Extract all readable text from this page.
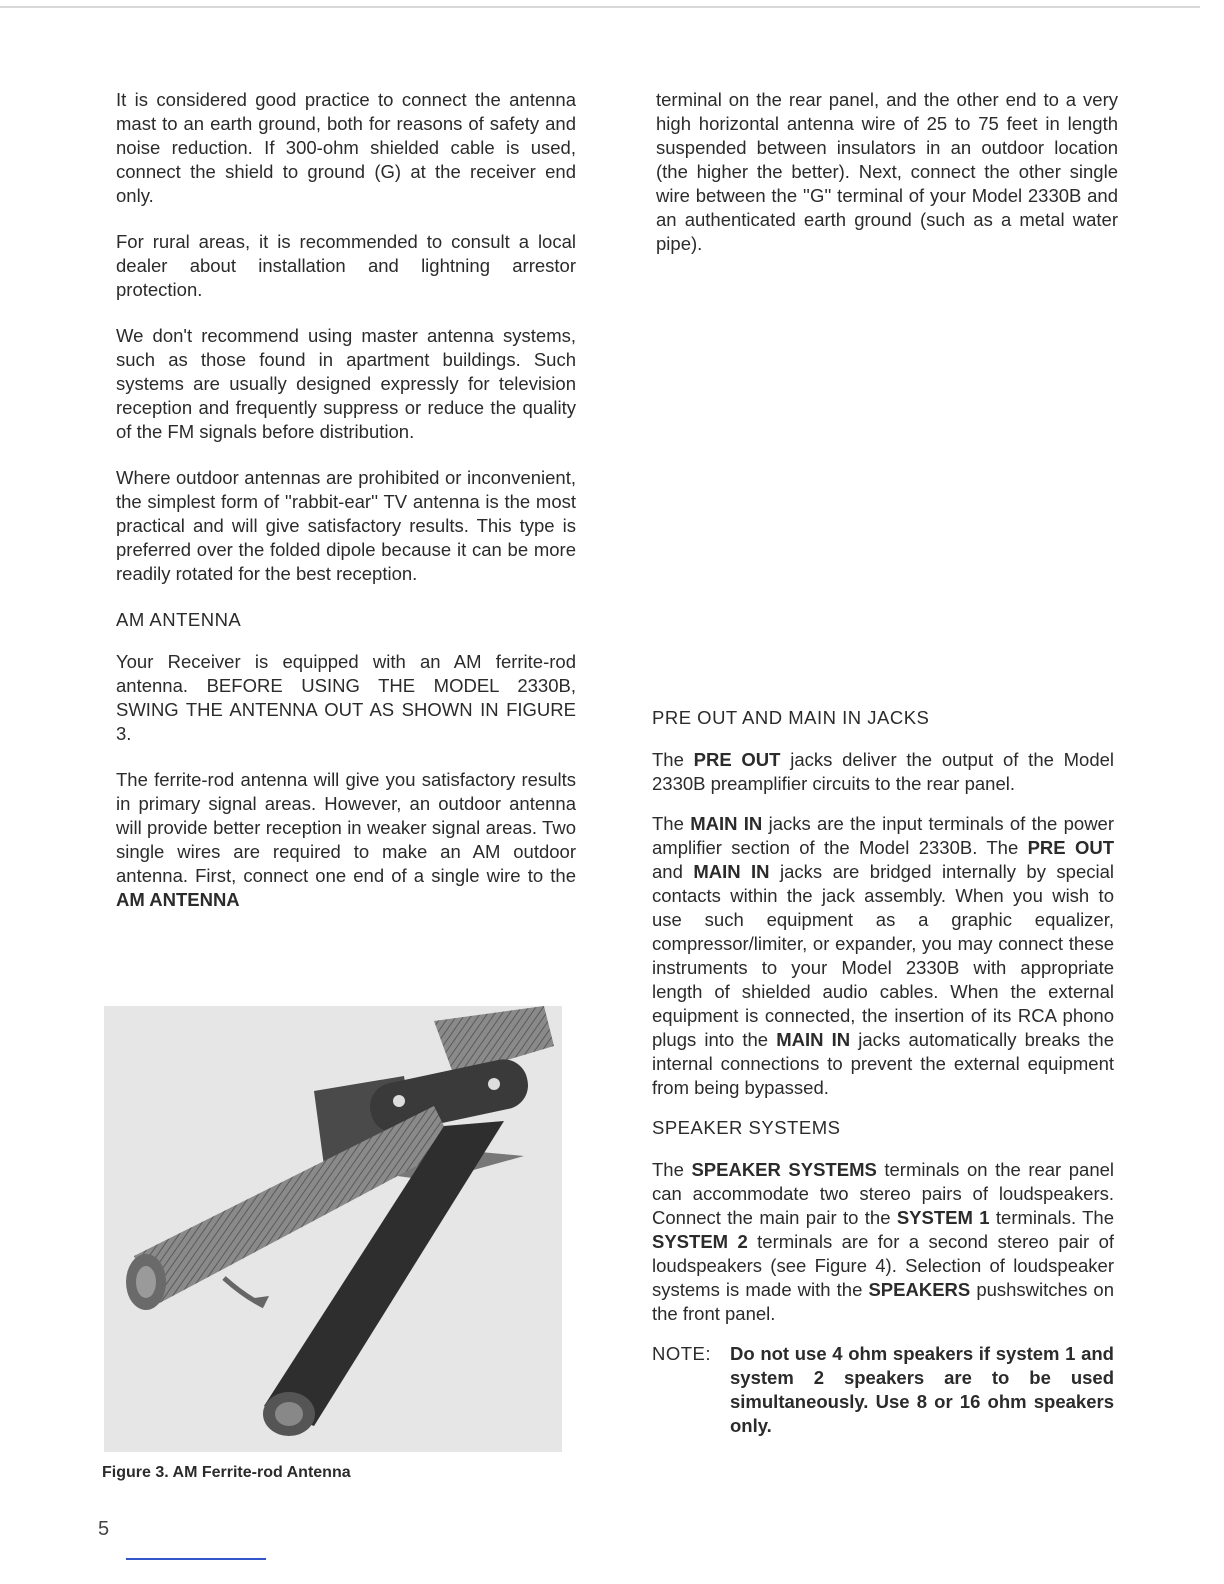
It is considered good practice to connect the antenna mast to an earth ground, both for reasons of safety and noise reduction. If 300-ohm shielded cable is used, connect the shield to ground (G) at the receiver end only.

For rural areas, it is recommended to consult a local dealer about installation and lightning arrestor protection.

We don't recommend using master antenna systems, such as those found in apartment buildings. Such systems are usually designed expressly for television reception and frequently suppress or reduce the quality of the FM signals before distribution.

Where outdoor antennas are prohibited or inconvenient, the simplest form of ''rabbit-ear'' TV antenna is the most practical and will give satisfactory results. This type is preferred over the folded dipole because it can be more readily rotated for the best reception.

AM ANTENNA

Your Receiver is equipped with an AM ferrite-rod antenna. BEFORE USING THE MODEL 2330B, SWING THE ANTENNA OUT AS SHOWN IN FIGURE 3.

The ferrite-rod antenna will give you satisfactory results in primary signal areas. However, an outdoor antenna will provide better reception in weaker signal areas. Two single wires are required to make an AM outdoor antenna. First, connect one end of a single wire to the AM ANTENNA

Figure 3. AM Ferrite-rod Antenna

terminal on the rear panel, and the other end to a very high horizontal antenna wire of 25 to 75 feet in length suspended between insulators in an outdoor location (the higher the better). Next, connect the other single wire between the ''G'' terminal of your Model 2330B and an authenticated earth ground (such as a metal water pipe).

PRE OUT AND MAIN IN JACKS

The PRE OUT jacks deliver the output of the Model 2330B preamplifier circuits to the rear panel.

The MAIN IN jacks are the input terminals of the power amplifier section of the Model 2330B. The PRE OUT and MAIN IN jacks are bridged internally by special contacts within the jack assembly. When you wish to use such equipment as a graphic equalizer, compressor/limiter, or expander, you may connect these instruments to your Model 2330B with appropriate length of shielded audio cables. When the external equipment is connected, the insertion of its RCA phono plugs into the MAIN IN jacks automatically breaks the internal connections to prevent the external equipment from being bypassed.

SPEAKER SYSTEMS

The SPEAKER SYSTEMS terminals on the rear panel can accommodate two stereo pairs of loudspeakers. Connect the main pair to the SYSTEM 1 terminals. The SYSTEM 2 terminals are for a second stereo pair of loudspeakers (see Figure 4). Selection of loudspeaker systems is made with the SPEAKERS pushswitches on the front panel.

NOTE:	Do not use 4 ohm speakers if system 1 and system 2 speakers are to be used simultaneously. Use 8 or 16 ohm speakers only.
5
